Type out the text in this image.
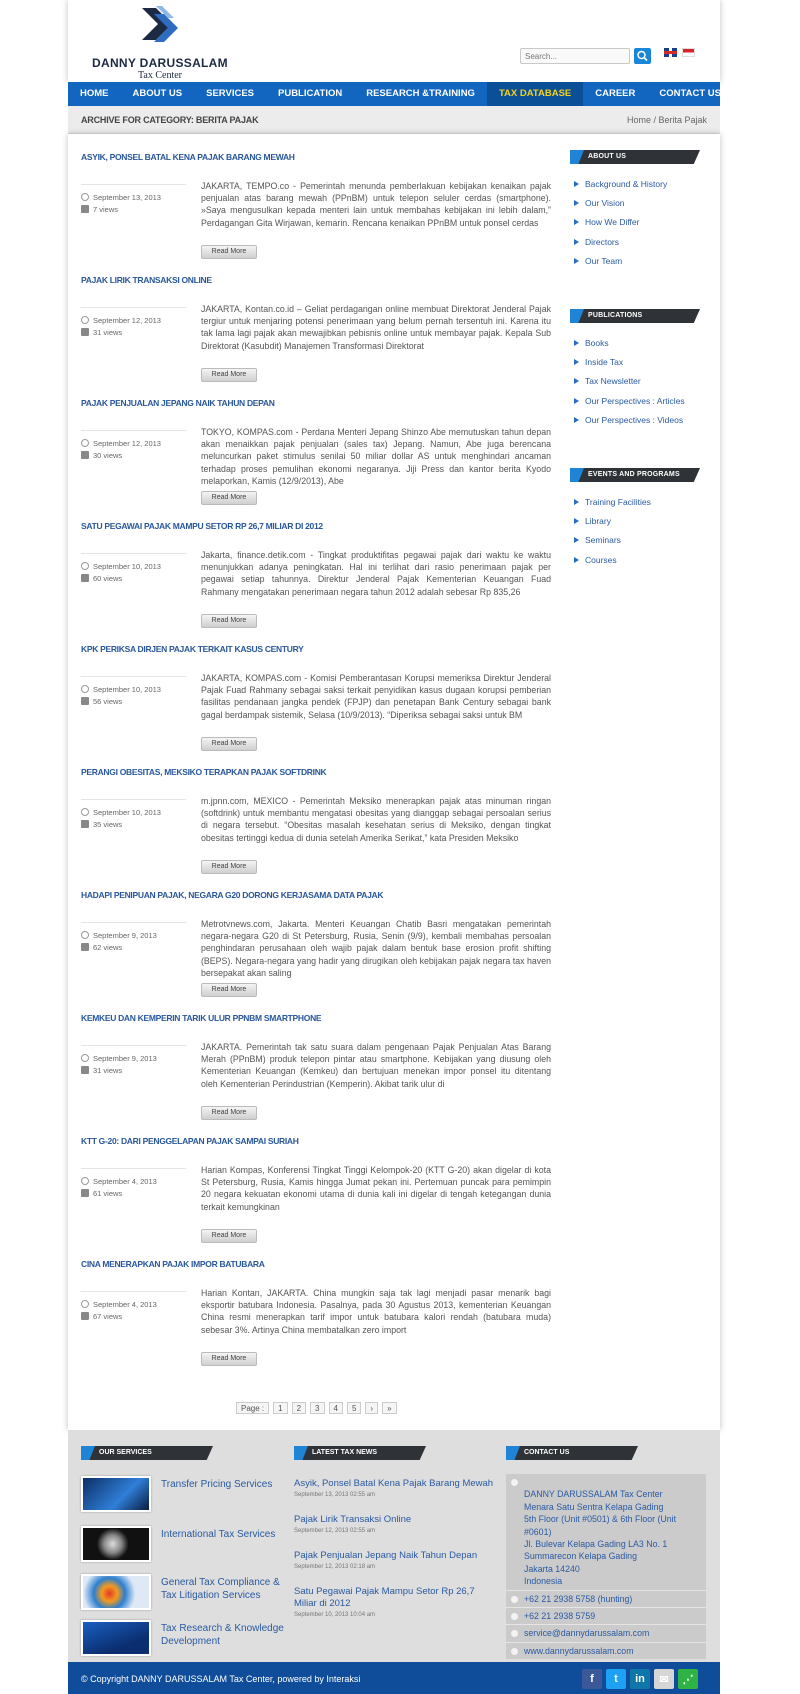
DANNY DARUSSALAM
Tax Center
Search...
HOME	ABOUT US	SERVICES	PUBLICATION	RESEARCH &TRAINING	TAX DATABASE	CAREER	CONTACT US
ARCHIVE FOR CATEGORY: BERITA PAJAK	Home / Berita Pajak
ASYIK, PONSEL BATAL KENA PAJAK BARANG MEWAH
September 13, 2013
7 views
JAKARTA, TEMPO.co - Pemerintah menunda pemberlakuan kebijakan kenaikan pajak penjualan atas barang mewah (PPnBM) untuk telepon seluler cerdas (smartphone). »Saya mengusulkan kepada menteri lain untuk membahas kebijakan ini lebih dalam,” Perdagangan Gita Wirjawan, kemarin. Rencana kenaikan PPnBM untuk ponsel cerdas
Read More
PAJAK LIRIK TRANSAKSI ONLINE
September 12, 2013
31 views
JAKARTA, Kontan.co.id – Geliat perdagangan online membuat Direktorat Jenderal Pajak tergiur untuk menjaring potensi penerimaan yang belum pernah tersentuh ini. Karena itu tak lama lagi pajak akan mewajibkan pebisnis online untuk membayar pajak. Kepala Sub Direktorat (Kasubdit) Manajemen Transformasi Direktorat
Read More
PAJAK PENJUALAN JEPANG NAIK TAHUN DEPAN
September 12, 2013
30 views
TOKYO, KOMPAS.com - Perdana Menteri Jepang Shinzo Abe memutuskan tahun depan akan menaikkan pajak penjualan (sales tax) Jepang. Namun, Abe juga berencana meluncurkan paket stimulus senilai 50 miliar dollar AS untuk menghindari ancaman terhadap proses pemulihan ekonomi negaranya. Jiji Press dan kantor berita Kyodo melaporkan, Kamis (12/9/2013), Abe
Read More
SATU PEGAWAI PAJAK MAMPU SETOR RP 26,7 MILIAR DI 2012
September 10, 2013
60 views
Jakarta, finance.detik.com - Tingkat produktifitas pegawai pajak dari waktu ke waktu menunjukkan adanya peningkatan. Hal ini terlihat dari rasio penerimaan pajak per pegawai setiap tahunnya. Direktur Jenderal Pajak Kementerian Keuangan Fuad Rahmany mengatakan penerimaan negara tahun 2012 adalah sebesar Rp 835,26
Read More
KPK PERIKSA DIRJEN PAJAK TERKAIT KASUS CENTURY
September 10, 2013
56 views
JAKARTA, KOMPAS.com - Komisi Pemberantasan Korupsi memeriksa Direktur Jenderal Pajak Fuad Rahmany sebagai saksi terkait penyidikan kasus dugaan korupsi pemberian fasilitas pendanaan jangka pendek (FPJP) dan penetapan Bank Century sebagai bank gagal berdampak sistemik, Selasa (10/9/2013). “Diperiksa sebagai saksi untuk BM
Read More
PERANGI OBESITAS, MEKSIKO TERAPKAN PAJAK SOFTDRINK
September 10, 2013
35 views
m.jpnn.com, MEXICO - Pemerintah Meksiko menerapkan pajak atas minuman ringan (softdrink) untuk membantu mengatasi obesitas yang dianggap sebagai persoalan serius di negara tersebut. “Obesitas masalah kesehatan serius di Meksiko, dengan tingkat obesitas tertinggi kedua di dunia setelah Amerika Serikat,” kata Presiden Meksiko
Read More
HADAPI PENIPUAN PAJAK, NEGARA G20 DORONG KERJASAMA DATA PAJAK
September 9, 2013
62 views
Metrotvnews.com, Jakarta. Menteri Keuangan Chatib Basri mengatakan pemerintah negara-negara G20 di St Petersburg, Rusia, Senin (9/9), kembali membahas persoalan penghindaran perusahaan oleh wajib pajak dalam bentuk base erosion profit shifting (BEPS). Negara-negara yang hadir yang dirugikan oleh kebijakan pajak negara tax haven bersepakat akan saling
Read More
KEMKEU DAN KEMPERIN TARIK ULUR PPNBM SMARTPHONE
September 9, 2013
31 views
JAKARTA. Pemerintah tak satu suara dalam pengenaan Pajak Penjualan Atas Barang Merah (PPnBM) produk telepon pintar atau smartphone. Kebijakan yang diusung oleh Kementerian Keuangan (Kemkeu) dan bertujuan menekan impor ponsel itu ditentang oleh Kementerian Perindustrian (Kemperin). Akibat tarik ulur di
Read More
KTT G-20: DARI PENGGELAPAN PAJAK SAMPAI SURIAH
September 4, 2013
61 views
Harian Kompas, Konferensi Tingkat Tinggi Kelompok-20 (KTT G-20) akan digelar di kota St Petersburg, Rusia, Kamis hingga Jumat pekan ini. Pertemuan puncak para pemimpin 20 negara kekuatan ekonomi utama di dunia kali ini digelar di tengah ketegangan dunia terkait kemungkinan
Read More
CINA MENERAPKAN PAJAK IMPOR BATUBARA
September 4, 2013
67 views
Harian Kontan, JAKARTA. China mungkin saja tak lagi menjadi pasar menarik bagi eksportir batubara Indonesia. Pasalnya, pada 30 Agustus 2013, kementerian Keuangan China resmi menerapkan tarif impor untuk batubara kalori rendah (batubara muda) sebesar 3%. Artinya China membatalkan zero import
Read More
Page :	1	2	3	4	5	›	»
ABOUT US
Background & History
Our Vision
How We Differ
Directors
Our Team
PUBLICATIONS
Books
Inside Tax
Tax Newsletter
Our Perspectives : Articles
Our Perspectives : Videos
EVENTS AND PROGRAMS
Training Facilities
Library
Seminars
Courses
OUR SERVICES
Transfer Pricing Services
International Tax Services
General Tax Compliance & Tax Litigation Services
Tax Research & Knowledge Development
LATEST TAX NEWS
Asyik, Ponsel Batal Kena Pajak Barang Mewah
September 13, 2013 02:55 am
Pajak Lirik Transaksi Online
September 12, 2013 02:55 am
Pajak Penjualan Jepang Naik Tahun Depan
September 12, 2013 02:18 am
Satu Pegawai Pajak Mampu Setor Rp 26,7 Miliar di 2012
September 10, 2013 10:04 am
CONTACT US

DANNY DARUSSALAM Tax Center
Menara Satu Sentra Kelapa Gading
5th Floor (Unit #0501) & 6th Floor (Unit #0601)
Jl. Bulevar Kelapa Gading LA3 No. 1
Summarecon Kelapa Gading
Jakarta 14240
Indonesia

+62 21 2938 5758 (hunting)
+62 21 2938 5759
service@dannydarussalam.com
www.dannydarussalam.com
© Copyright DANNY DARUSSALAM Tax Center, powered by Interaksi	f	t	in	✉	⋰
